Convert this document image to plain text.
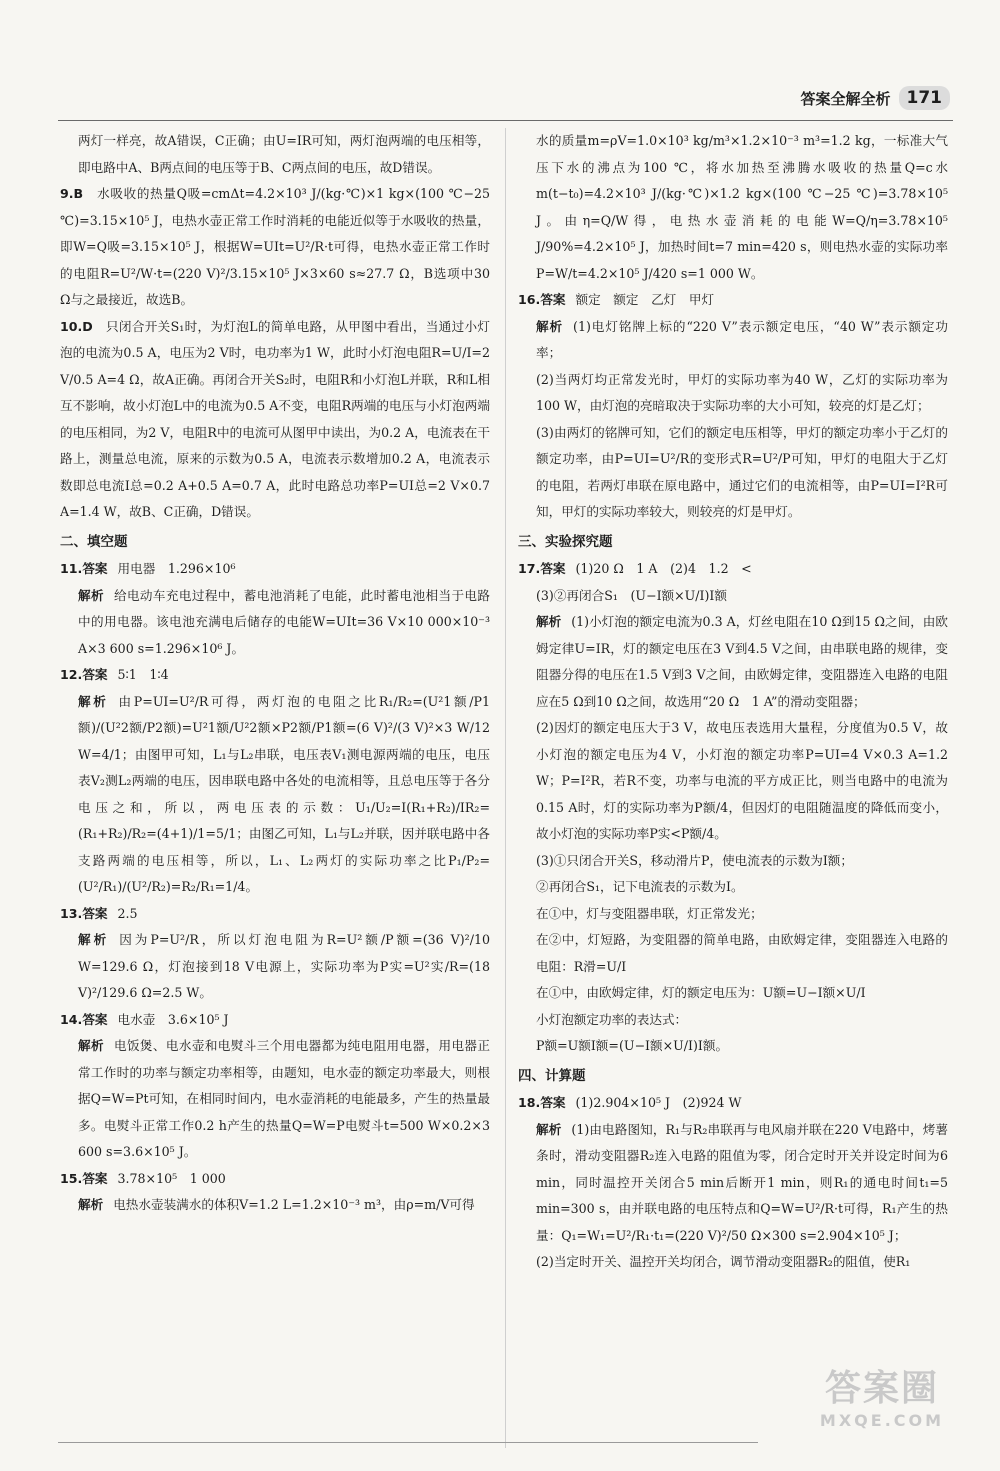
答案全解全析 171

两灯一样亮，故A错误，C正确；由U=IR可知，两灯泡两端的电压相等，即电路中A、B两点间的电压等于B、C两点间的电压，故D错误。

9.B　 水吸收的热量Q吸=cmΔt=4.2×10³ J/(kg·℃)×1 kg×(100 ℃−25 ℃)=3.15×10⁵ J，电热水壶正常工作时消耗的电能近似等于水吸收的热量，即W=Q吸=3.15×10⁵ J，根据W=UIt=U²/R·t可得，电热水壶正常工作时的电阻R=U²/W·t=(220 V)²/3.15×10⁵ J×3×60 s≈27.7 Ω，B选项中30 Ω与之最接近，故选B。

10.D　 只闭合开关S₁时，为灯泡L的简单电路，从甲图中看出，当通过小灯泡的电流为0.5 A，电压为2 V时，电功率为1 W，此时小灯泡电阻R=U/I=2 V/0.5 A=4 Ω，故A正确。再闭合开关S₂时，电阻R和小灯泡L并联，R和L相互不影响，故小灯泡L中的电流为0.5 A不变，电阻R两端的电压与小灯泡两端的电压相同，为2 V，电阻R中的电流可从图甲中读出，为0.2 A，电流表在干路上，测量总电流，原来的示数为0.5 A，电流表示数增加0.2 A，电流表示数即总电流I总=0.2 A+0.5 A=0.7 A，此时电路总功率P=UI总=2 V×0.7 A=1.4 W，故B、C正确，D错误。

二、填空题

11.答案 用电器　1.296×10⁶

解析 给电动车充电过程中，蓄电池消耗了电能，此时蓄电池相当于电路中的用电器。该电池充满电后储存的电能W=UIt=36 V×10 000×10⁻³ A×3 600 s=1.296×10⁶ J。

12.答案 5∶1　1∶4

解析 由P=UI=U²/R可得，两灯泡的电阻之比R₁/R₂=(U²1额/P1额)/(U²2额/P2额)=U²1额/U²2额×P2额/P1额=(6 V)²/(3 V)²×3 W/12 W=4/1；由图甲可知，L₁与L₂串联，电压表V₁测电源两端的电压，电压表V₂测L₂两端的电压，因串联电路中各处的电流相等，且总电压等于各分电压之和，所以，两电压表的示数：U₁/U₂=I(R₁+R₂)/IR₂=(R₁+R₂)/R₂=(4+1)/1=5/1；由图乙可知，L₁与L₂并联，因并联电路中各支路两端的电压相等，所以，L₁、L₂两灯的实际功率之比P₁/P₂=(U²/R₁)/(U²/R₂)=R₂/R₁=1/4。

13.答案 2.5

解析 因为P=U²/R，所以灯泡电阻为R=U²额/P额=(36 V)²/10 W=129.6 Ω，灯泡接到18 V电源上，实际功率为P实=U²实/R=(18 V)²/129.6 Ω=2.5 W。

14.答案 电水壶　3.6×10⁵ J

解析 电饭煲、电水壶和电熨斗三个用电器都为纯电阻用电器，用电器正常工作时的功率与额定功率相等，由题知，电水壶的额定功率最大，则根据Q=W=Pt可知，在相同时间内，电水壶消耗的电能最多，产生的热量最多。电熨斗正常工作0.2 h产生的热量Q=W=P电熨斗t=500 W×0.2×3 600 s=3.6×10⁵ J。

15.答案 3.78×10⁵　1 000

解析 电热水壶装满水的体积V=1.2 L=1.2×10⁻³ m³，由ρ=m/V可得

水的质量m=ρV=1.0×10³ kg/m³×1.2×10⁻³ m³=1.2 kg，一标准大气压下水的沸点为100 ℃，将水加热至沸腾水吸收的热量Q=c水m(t−t₀)=4.2×10³ J/(kg·℃)×1.2 kg×(100 ℃−25 ℃)=3.78×10⁵ J。由η=Q/W得，电热水壶消耗的电能W=Q/η=3.78×10⁵ J/90%=4.2×10⁵ J，加热时间t=7 min=420 s，则电热水壶的实际功率P=W/t=4.2×10⁵ J/420 s=1 000 W。

16.答案 额定　额定　乙灯　甲灯

解析 (1)电灯铭牌上标的“220 V”表示额定电压，“40 W”表示额定功率；

(2)当两灯均正常发光时，甲灯的实际功率为40 W，乙灯的实际功率为100 W，由灯泡的亮暗取决于实际功率的大小可知，较亮的灯是乙灯；

(3)由两灯的铭牌可知，它们的额定电压相等，甲灯的额定功率小于乙灯的额定功率，由P=UI=U²/R的变形式R=U²/P可知，甲灯的电阻大于乙灯的电阻，若两灯串联在原电路中，通过它们的电流相等，由P=UI=I²R可知，甲灯的实际功率较大，则较亮的灯是甲灯。

三、实验探究题

17.答案 (1)20 Ω　1 A　(2)4　1.2　<

(3)②再闭合S₁　(U−I额×U/I)I额

解析 (1)小灯泡的额定电流为0.3 A，灯丝电阻在10 Ω到15 Ω之间，由欧姆定律U=IR，灯的额定电压在3 V到4.5 V之间，由串联电路的规律，变阻器分得的电压在1.5 V到3 V之间，由欧姆定律，变阻器连入电路的电阻应在5 Ω到10 Ω之间，故选用“20 Ω　1 A”的滑动变阻器；

(2)因灯的额定电压大于3 V，故电压表选用大量程，分度值为0.5 V，故小灯泡的额定电压为4 V，小灯泡的额定功率P=UI=4 V×0.3 A=1.2 W；P=I²R，若R不变，功率与电流的平方成正比，则当电路中的电流为0.15 A时，灯的实际功率为P额/4，但因灯的电阻随温度的降低而变小，故小灯泡的实际功率P实<P额/4。

(3)①只闭合开关S，移动滑片P，使电流表的示数为I额；

②再闭合S₁，记下电流表的示数为I。

在①中，灯与变阻器串联，灯正常发光；

在②中，灯短路，为变阻器的简单电路，由欧姆定律，变阻器连入电路的电阻：R滑=U/I

在①中，由欧姆定律，灯的额定电压为：U额=U−I额×U/I

小灯泡额定功率的表达式：

P额=U额I额=(U−I额×U/I)I额。

四、计算题

18.答案 (1)2.904×10⁵ J　(2)924 W

解析 (1)由电路图知，R₁与R₂串联再与电风扇并联在220 V电路中，烤薯条时，滑动变阻器R₂连入电路的阻值为零，闭合定时开关并设定时间为6 min，同时温控开关闭合5 min后断开1 min，则R₁的通电时间t₁=5 min=300 s，由并联电路的电压特点和Q=W=U²/R·t可得，R₁产生的热量：Q₁=W₁=U²/R₁·t₁=(220 V)²/50 Ω×300 s=2.904×10⁵ J；

(2)当定时开关、温控开关均闭合，调节滑动变阻器R₂的阻值，使R₁

答案圈
MXQE.COM
